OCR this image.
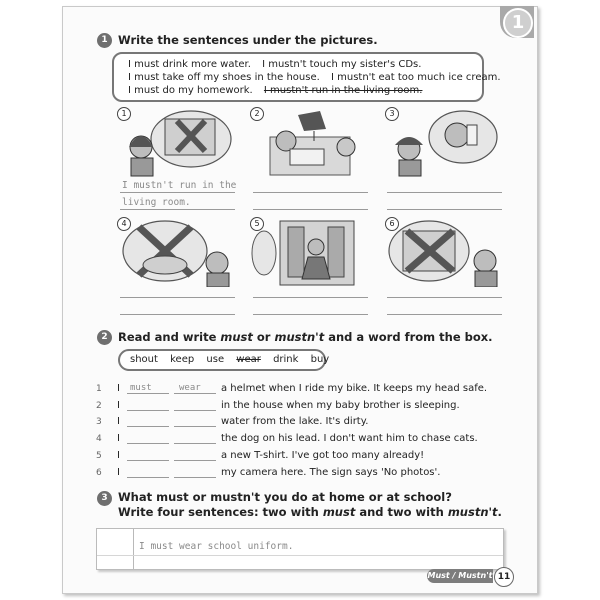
1
1 Write the sentences under the pictures.
I must drink more water. I mustn't touch my sister's CDs.
I must take off my shoes in the house. I mustn't eat too much ice cream.
I must do my homework. I mustn't run in the living room.
1	2	3
I mustn't run in the
living room.
4	5	6
2 Read and write must or mustn't and a word from the box.
shout keep use wear drink buy
1	I must	wear a helmet when I ride my bike. It keeps my head safe.
2	I	in the house when my baby brother is sleeping.
3	I	water from the lake. It's dirty.
4	I	the dog on his lead. I don't want him to chase cats.
5	I	a new T-shirt. I've got too many already!
6	I	my camera here. The sign says 'No photos'.
3 What must or mustn't you do at home or at school?
Write four sentences: two with must and two with mustn't.
I must wear school uniform.
Must / Mustn't 11
